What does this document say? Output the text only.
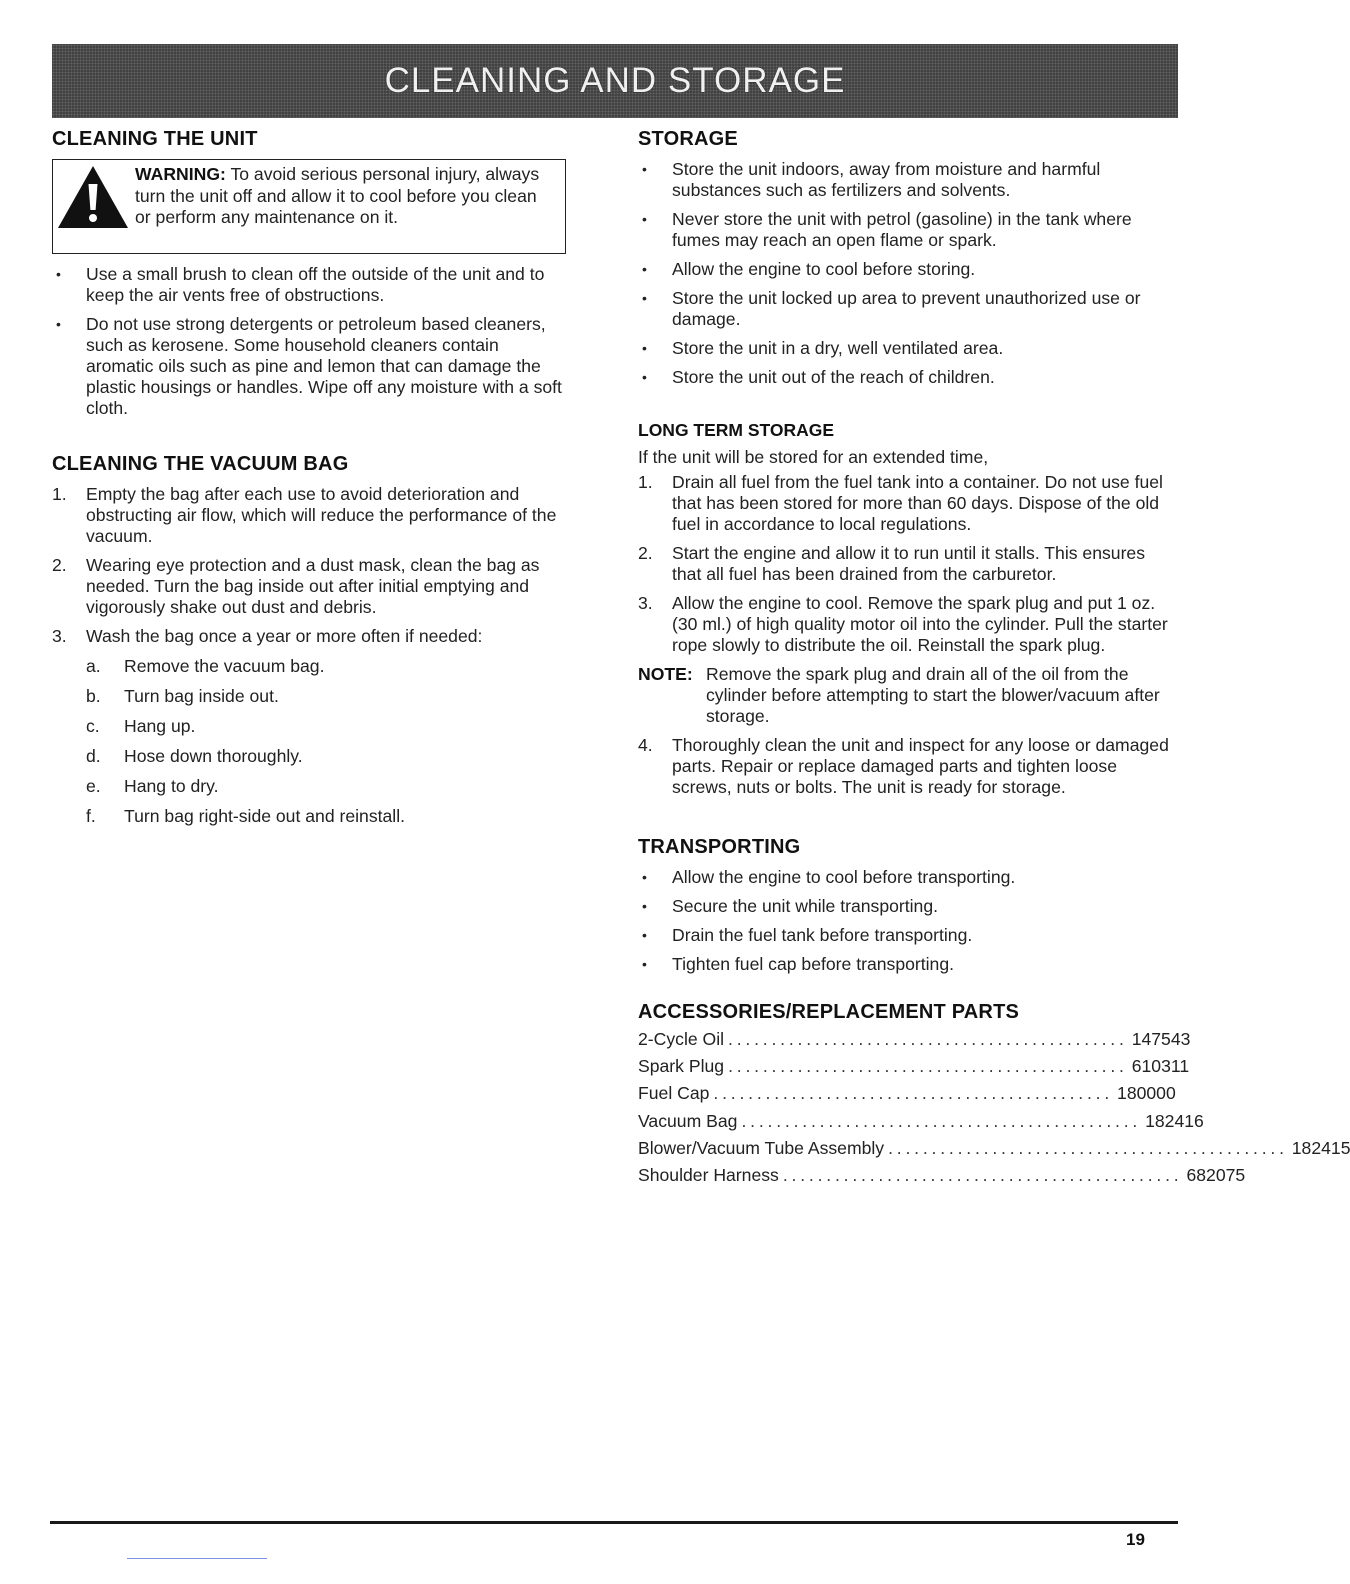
CLEANING AND STORAGE
CLEANING THE UNIT

WARNING: To avoid serious personal injury, always turn the unit off and allow it to cool before you clean or perform any maintenance on it.

• Use a small brush to clean off the outside of the unit and to keep the air vents free of obstructions.
• Do not use strong detergents or petroleum based cleaners, such as kerosene. Some household cleaners contain aromatic oils such as pine and lemon that can damage the plastic housings or handles. Wipe off any moisture with a soft cloth.
CLEANING THE VACUUM BAG
1. Empty the bag after each use to avoid deterioration and obstructing air flow, which will reduce the performance of the vacuum.
2. Wearing eye protection and a dust mask, clean the bag as needed. Turn the bag inside out after initial emptying and vigorously shake out dust and debris.
3. Wash the bag once a year or more often if needed:
a. Remove the vacuum bag.
b. Turn bag inside out.
c. Hang up.
d. Hose down thoroughly.
e. Hang to dry.
f. Turn bag right-side out and reinstall.
STORAGE
• Store the unit indoors, away from moisture and harmful substances such as fertilizers and solvents.
• Never store the unit with petrol (gasoline) in the tank where fumes may reach an open flame or spark.
• Allow the engine to cool before storing.
• Store the unit locked up area to prevent unauthorized use or damage.
• Store the unit in a dry, well ventilated area.
• Store the unit out of the reach of children.
LONG TERM STORAGE

If the unit will be stored for an extended time,

1. Drain all fuel from the fuel tank into a container. Do not use fuel that has been stored for more than 60 days. Dispose of the old fuel in accordance to local regulations.
2. Start the engine and allow it to run until it stalls. This ensures that all fuel has been drained from the carburetor.
3. Allow the engine to cool. Remove the spark plug and put 1 oz. (30 ml.) of high quality motor oil into the cylinder. Pull the starter rope slowly to distribute the oil. Reinstall the spark plug.
NOTE: Remove the spark plug and drain all of the oil from the cylinder before attempting to start the blower/vacuum after storage.
4. Thoroughly clean the unit and inspect for any loose or damaged parts. Repair or replace damaged parts and tighten loose screws, nuts or bolts. The unit is ready for storage.
TRANSPORTING
• Allow the engine to cool before transporting.
• Secure the unit while transporting.
• Drain the fuel tank before transporting.
• Tighten fuel cap before transporting.
ACCESSORIES/REPLACEMENT PARTS
2-Cycle Oil .............................................. 147543
Spark Plug .............................................. 610311
Fuel Cap .............................................. 180000
Vacuum Bag .............................................. 182416
Blower/Vacuum Tube Assembly .............................................. 182415
Shoulder Harness .............................................. 682075
19
